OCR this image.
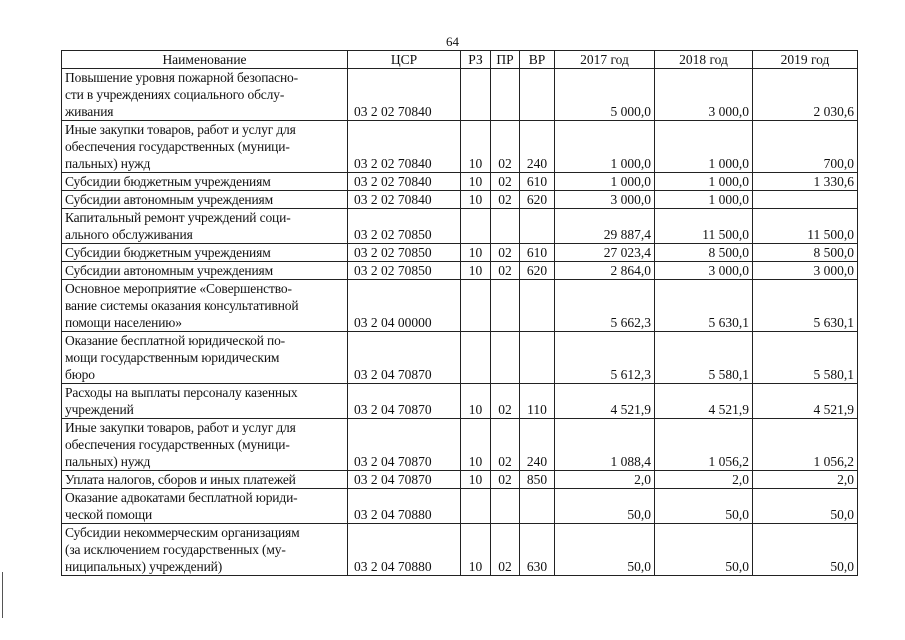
64
Наименование	ЦСР	РЗ	ПР	ВР	2017 год	2018 год	2019 год
Повышение уровня пожарной безопасно-
сти в учреждениях социального обслу-
живания	03 2 02 70840				5 000,0	3 000,0	2 030,6
Иные закупки товаров, работ и услуг для
обеспечения государственных (муници-
пальных) нужд	03 2 02 70840	10	02	240	1 000,0	1 000,0	700,0
Субсидии бюджетным учреждениям	03 2 02 70840	10	02	610	1 000,0	1 000,0	1 330,6
Субсидии автономным учреждениям	03 2 02 70840	10	02	620	3 000,0	1 000,0	
Капитальный ремонт учреждений соци-
ального обслуживания	03 2 02 70850				29 887,4	11 500,0	11 500,0
Субсидии бюджетным учреждениям	03 2 02 70850	10	02	610	27 023,4	8 500,0	8 500,0
Субсидии автономным учреждениям	03 2 02 70850	10	02	620	2 864,0	3 000,0	3 000,0
Основное мероприятие «Совершенство-
вание системы оказания консультативной
помощи населению»	03 2 04 00000				5 662,3	5 630,1	5 630,1
Оказание бесплатной юридической по-
мощи государственным юридическим
бюро	03 2 04 70870				5 612,3	5 580,1	5 580,1
Расходы на выплаты персоналу казенных
учреждений	03 2 04 70870	10	02	110	4 521,9	4 521,9	4 521,9
Иные закупки товаров, работ и услуг для
обеспечения государственных (муници-
пальных) нужд	03 2 04 70870	10	02	240	1 088,4	1 056,2	1 056,2
Уплата налогов, сборов и иных платежей	03 2 04 70870	10	02	850	2,0	2,0	2,0
Оказание адвокатами бесплатной юриди-
ческой помощи	03 2 04 70880				50,0	50,0	50,0
Субсидии некоммерческим организациям
(за исключением государственных (му-
ниципальных) учреждений)	03 2 04 70880	10	02	630	50,0	50,0	50,0
